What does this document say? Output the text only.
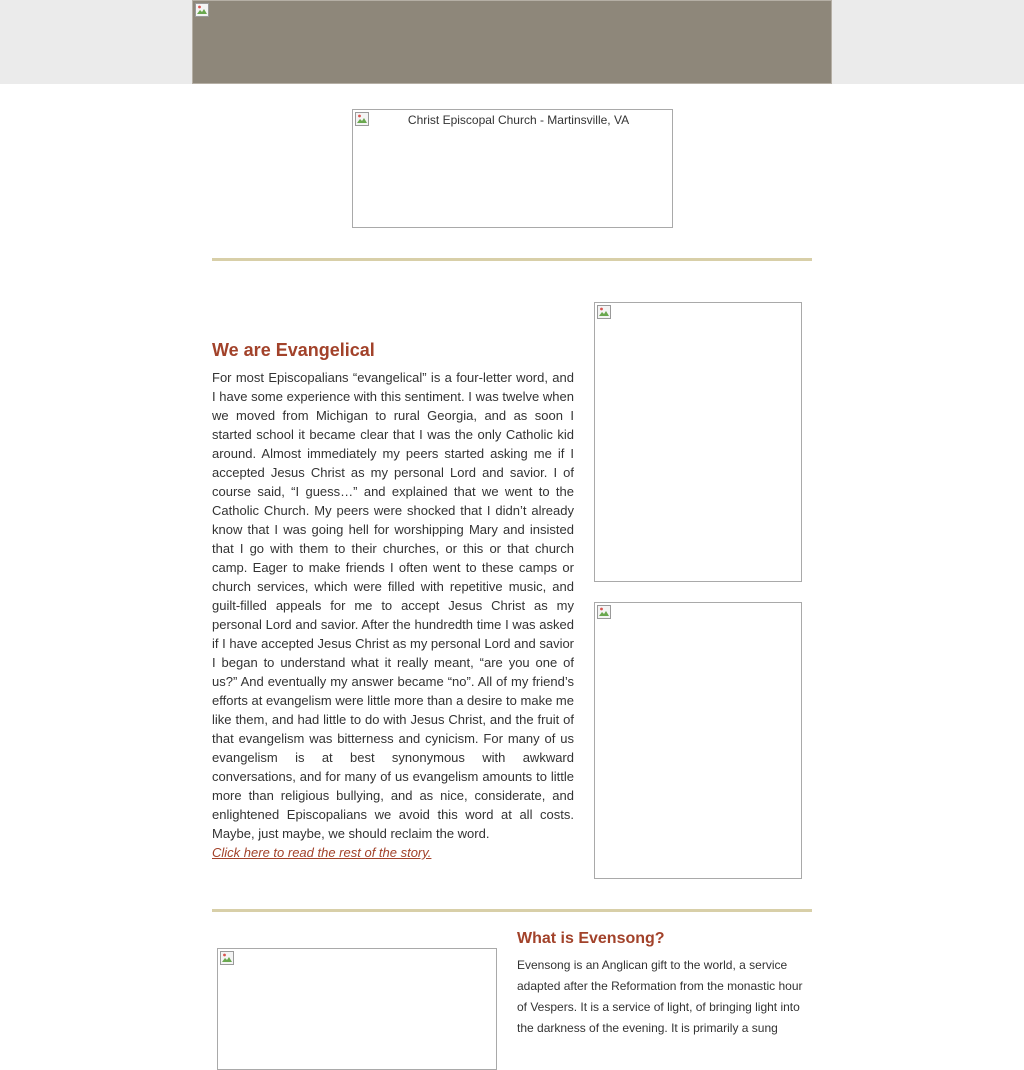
Christ Episcopal Church - Martinsville, VA
We are Evangelical

For most Episcopalians “evangelical” is a four-letter word, and I have some experience with this sentiment. I was twelve when we moved from Michigan to rural Georgia, and as soon I started school it became clear that I was the only Catholic kid around. Almost immediately my peers started asking me if I accepted Jesus Christ as my personal Lord and savior. I of course said, “I guess…” and explained that we went to the Catholic Church. My peers were shocked that I didn’t already know that I was going hell for worshipping Mary and insisted that I go with them to their churches, or this or that church camp. Eager to make friends I often went to these camps or church services, which were filled with repetitive music, and guilt-filled appeals for me to accept Jesus Christ as my personal Lord and savior. After the hundredth time I was asked if I have accepted Jesus Christ as my personal Lord and savior I began to understand what it really meant, “are you one of us?” And eventually my answer became “no”. All of my friend’s efforts at evangelism were little more than a desire to make me like them, and had little to do with Jesus Christ, and the fruit of that evangelism was bitterness and cynicism. For many of us evangelism is at best synonymous with awkward conversations, and for many of us evangelism amounts to little more than religious bullying, and as nice, considerate, and enlightened Episcopalians we avoid this word at all costs. Maybe, just maybe, we should reclaim the word.

Click here to read the rest of the story.
What is Evensong?

Evensong is an Anglican gift to the world, a service adapted after the Reformation from the monastic hour of Vespers. It is a service of light, of bringing light into the darkness of the evening. It is primarily a sung
